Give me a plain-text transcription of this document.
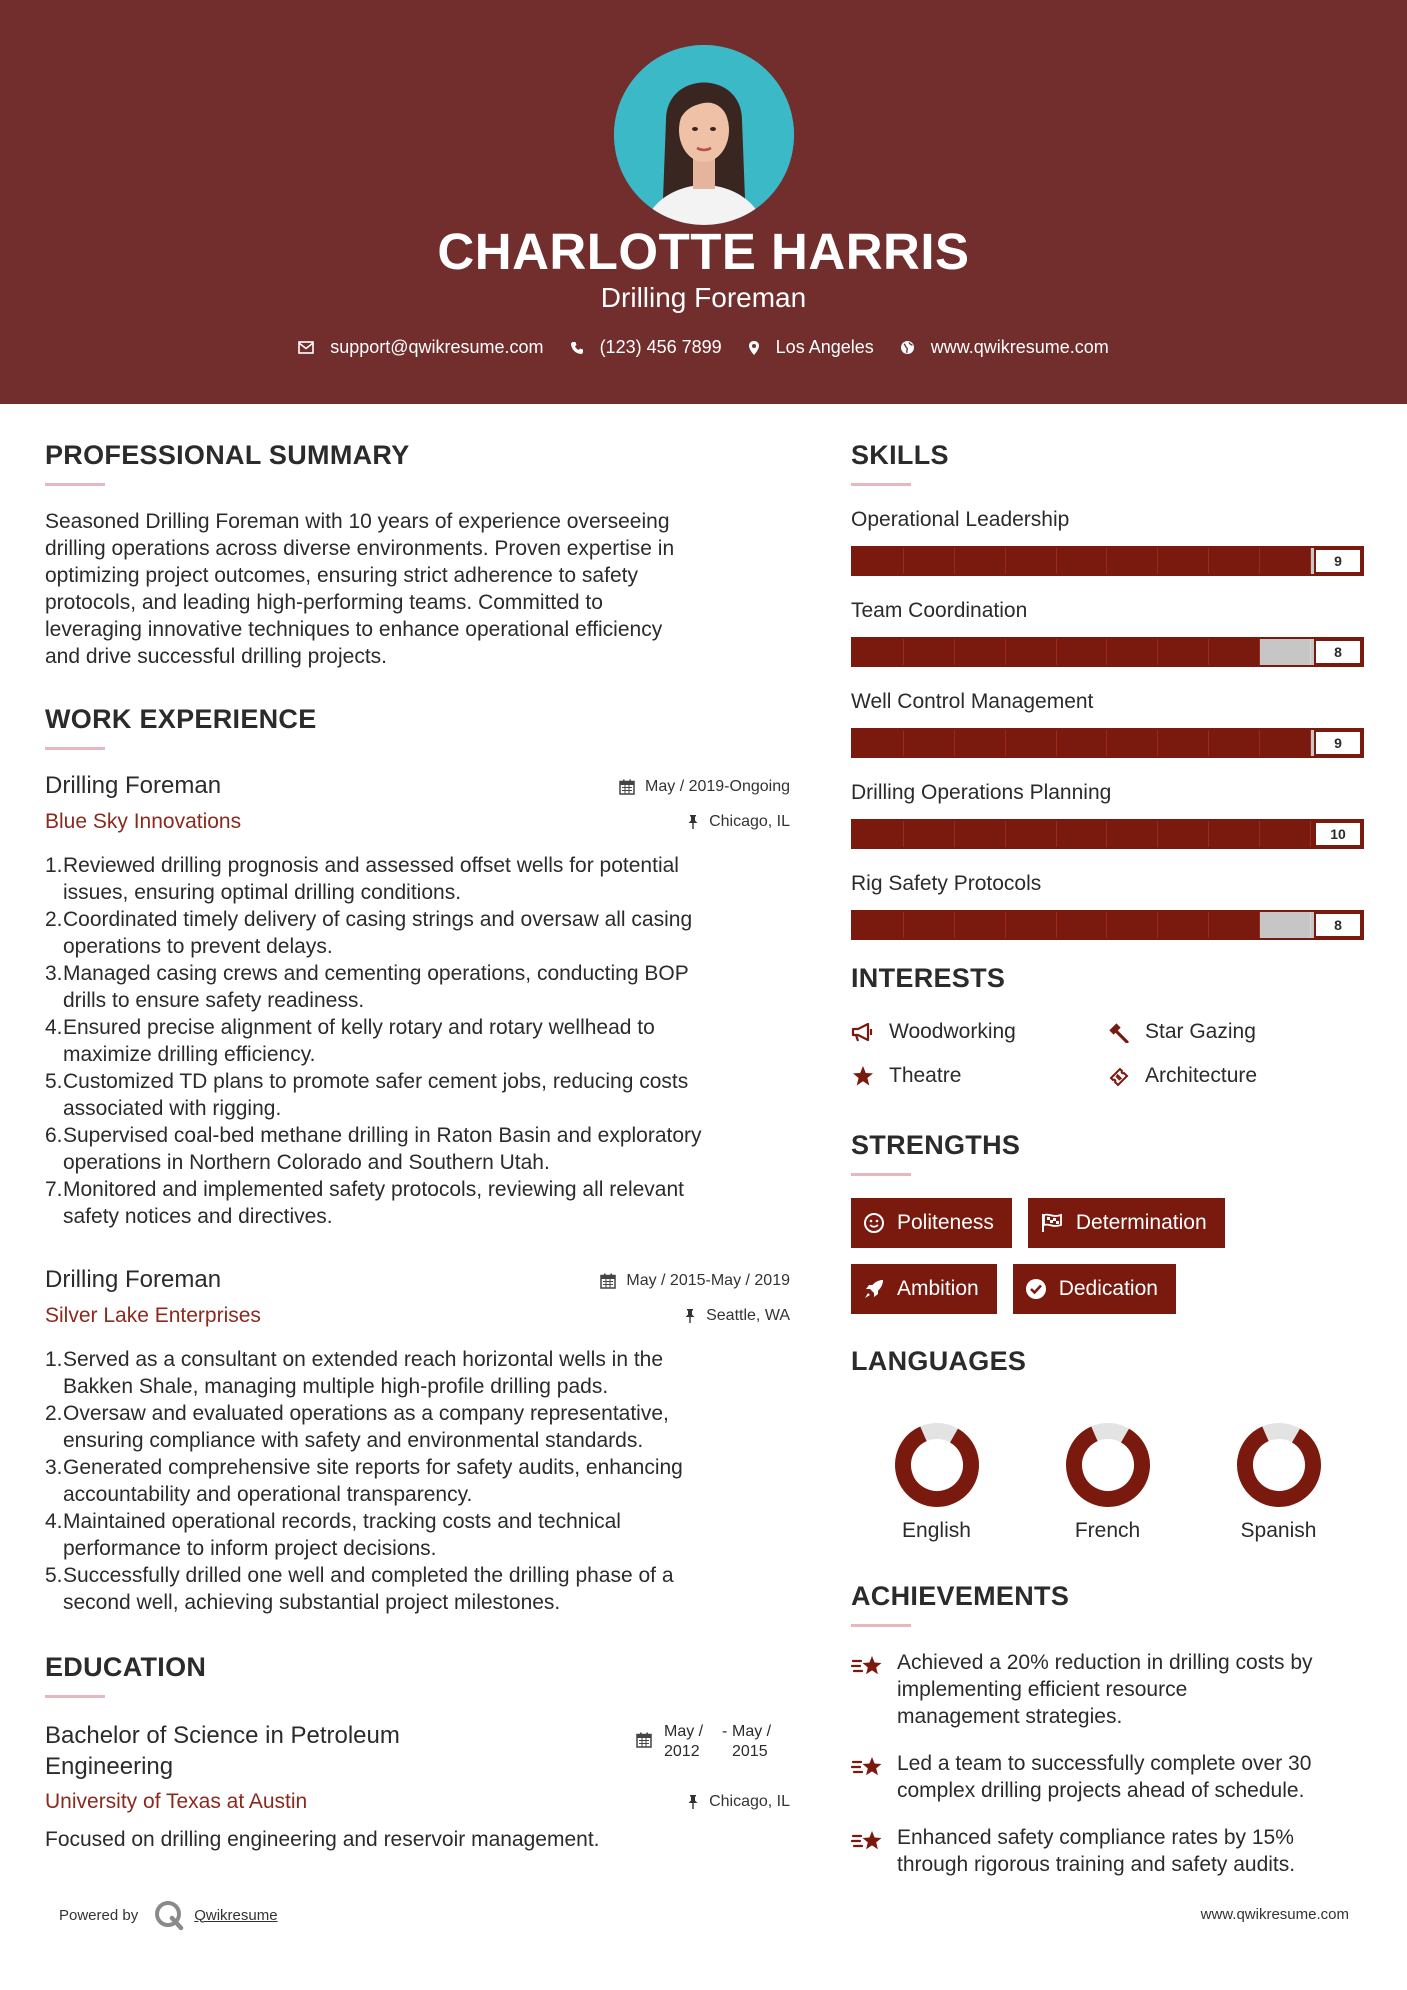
CHARLOTTE HARRIS
Drilling Foreman
support@qwikresume.com	(123) 456 7899	Los Angeles	www.qwikresume.com
PROFESSIONAL SUMMARY
Seasoned Drilling Foreman with 10 years of experience overseeing
drilling operations across diverse environments. Proven expertise in
optimizing project outcomes, ensuring strict adherence to safety
protocols, and leading high-performing teams. Committed to
leveraging innovative techniques to enhance operational efficiency
and drive successful drilling projects.
WORK EXPERIENCE
Drilling Foreman	May / 2019-Ongoing
Blue Sky Innovations	Chicago, IL
1. Reviewed drilling prognosis and assessed offset wells for potential
issues, ensuring optimal drilling conditions.
2. Coordinated timely delivery of casing strings and oversaw all casing
operations to prevent delays.
3. Managed casing crews and cementing operations, conducting BOP
drills to ensure safety readiness.
4. Ensured precise alignment of kelly rotary and rotary wellhead to
maximize drilling efficiency.
5. Customized TD plans to promote safer cement jobs, reducing costs
associated with rigging.
6. Supervised coal-bed methane drilling in Raton Basin and exploratory
operations in Northern Colorado and Southern Utah.
7. Monitored and implemented safety protocols, reviewing all relevant
safety notices and directives.
Drilling Foreman	May / 2015-May / 2019
Silver Lake Enterprises	Seattle, WA
1. Served as a consultant on extended reach horizontal wells in the
Bakken Shale, managing multiple high-profile drilling pads.
2. Oversaw and evaluated operations as a company representative,
ensuring compliance with safety and environmental standards.
3. Generated comprehensive site reports for safety audits, enhancing
accountability and operational transparency.
4. Maintained operational records, tracking costs and technical
performance to inform project decisions.
5. Successfully drilled one well and completed the drilling phase of a
second well, achieving substantial project milestones.
EDUCATION
Bachelor of Science in Petroleum
Engineering
May /
2012
- May /
2015
University of Texas at Austin	Chicago, IL
Focused on drilling engineering and reservoir management.
SKILLS
Operational Leadership
9
Team Coordination
8
Well Control Management
9
Drilling Operations Planning
10
Rig Safety Protocols
8
INTERESTS
Woodworking	Star Gazing
Theatre	Architecture
STRENGTHS
Politeness	Determination
Ambition	Dedication
LANGUAGES
English	French	Spanish
ACHIEVEMENTS
Achieved a 20% reduction in drilling costs by
implementing efficient resource
management strategies.
Led a team to successfully complete over 30
complex drilling projects ahead of schedule.
Enhanced safety compliance rates by 15%
through rigorous training and safety audits.
Powered by	Qwikresume	www.qwikresume.com
